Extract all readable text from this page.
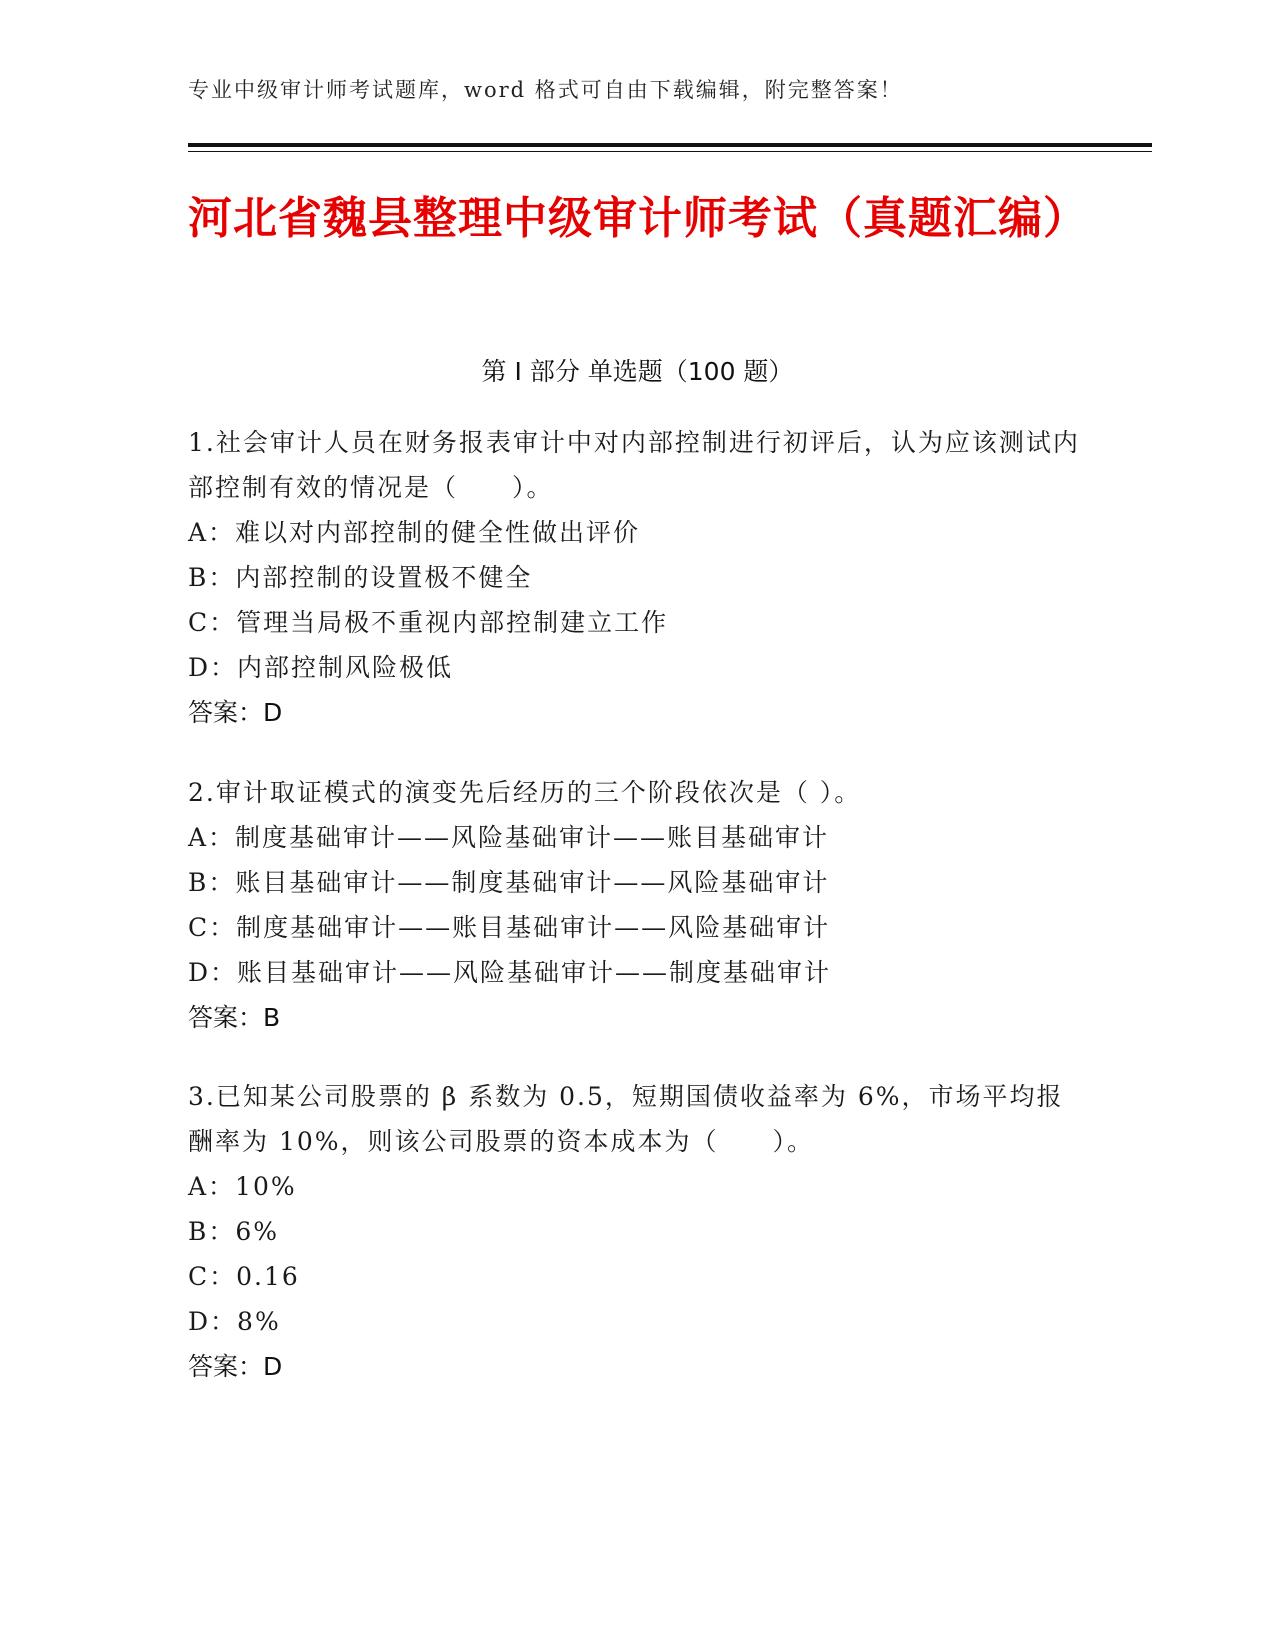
专业中级审计师考试题库，word 格式可自由下载编辑，附完整答案！
河北省魏县整理中级审计师考试（真题汇编）
第 I 部分 单选题（100 题）

1.社会审计人员在财务报表审计中对内部控制进行初评后，认为应该测试内部控制有效的情况是（　　）。

A：难以对内部控制的健全性做出评价

B：内部控制的设置极不健全

C：管理当局极不重视内部控制建立工作

D：内部控制风险极低

答案：D

2.审计取证模式的演变先后经历的三个阶段依次是（ ）。

A：制度基础审计——风险基础审计——账目基础审计

B：账目基础审计——制度基础审计——风险基础审计

C：制度基础审计——账目基础审计——风险基础审计

D：账目基础审计——风险基础审计——制度基础审计

答案：B

3.已知某公司股票的 β 系数为 0.5，短期国债收益率为 6%，市场平均报酬率为 10%，则该公司股票的资本成本为（　　）。

A：10%

B：6%

C：0.16

D：8%

答案：D
